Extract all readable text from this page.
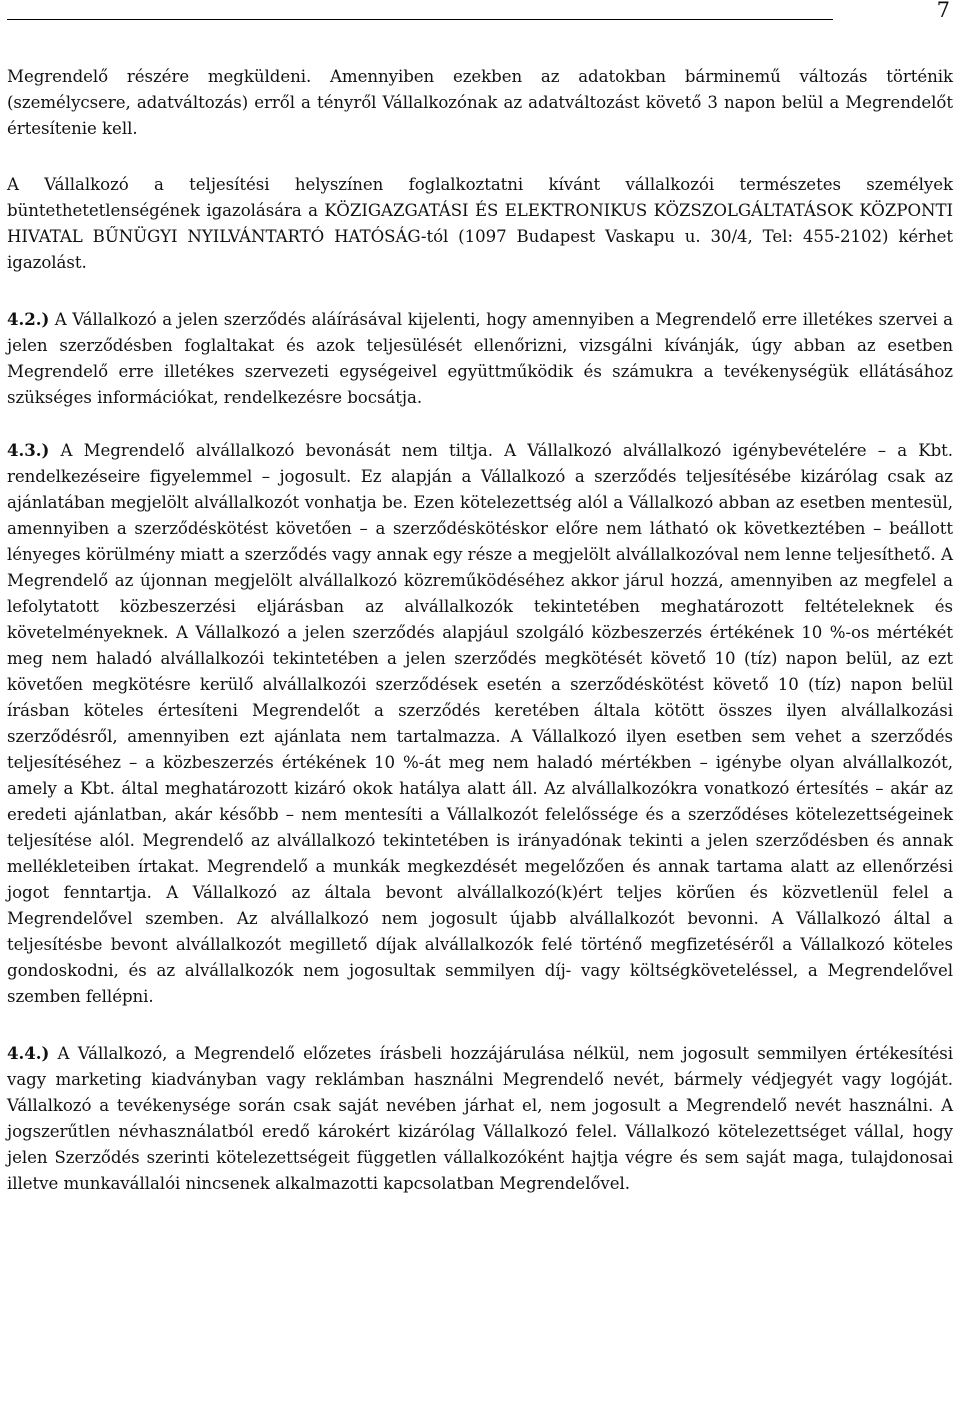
7

Megrendelő részére megküldeni. Amennyiben ezekben az adatokban bárminemű változás történik (személycsere, adatváltozás) erről a tényről Vállalkozónak az adatváltozást követő 3 napon belül a Megrendelőt értesítenie kell.

A Vállalkozó a teljesítési helyszínen foglalkoztatni kívánt vállalkozói természetes személyek büntethetetlenségének igazolására a KÖZIGAZGATÁSI ÉS ELEKTRONIKUS KÖZSZOLGÁLTATÁSOK KÖZPONTI HIVATAL BŰNÜGYI NYILVÁNTARTÓ HATÓSÁG-tól (1097 Budapest Vaskapu u. 30/4, Tel: 455-2102) kérhet igazolást.

4.2.) A Vállalkozó a jelen szerződés aláírásával kijelenti, hogy amennyiben a Megrendelő erre illetékes szervei a jelen szerződésben foglaltakat és azok teljesülését ellenőrizni, vizsgálni kívánják, úgy abban az esetben Megrendelő erre illetékes szervezeti egységeivel együttműködik és számukra a tevékenységük ellátásához szükséges információkat, rendelkezésre bocsátja.

4.3.) A Megrendelő alvállalkozó bevonását nem tiltja. A Vállalkozó alvállalkozó igénybevételére – a Kbt. rendelkezéseire figyelemmel – jogosult. Ez alapján a Vállalkozó a szerződés teljesítésébe kizárólag csak az ajánlatában megjelölt alvállalkozót vonhatja be. Ezen kötelezettség alól a Vállalkozó abban az esetben mentesül, amennyiben a szerződéskötést követően – a szerződéskötéskor előre nem látható ok következtében – beállott lényeges körülmény miatt a szerződés vagy annak egy része a megjelölt alvállalkozóval nem lenne teljesíthető. A Megrendelő az újonnan megjelölt alvállalkozó közreműködéséhez akkor járul hozzá, amennyiben az megfelel a lefolytatott közbeszerzési eljárásban az alvállalkozók tekintetében meghatározott feltételeknek és követelményeknek. A Vállalkozó a jelen szerződés alapjául szolgáló közbeszerzés értékének 10 %-os mértékét meg nem haladó alvállalkozói tekintetében a jelen szerződés megkötését követő 10 (tíz) napon belül, az ezt követően megkötésre kerülő alvállalkozói szerződések esetén a szerződéskötést követő 10 (tíz) napon belül írásban köteles értesíteni Megrendelőt a szerződés keretében általa kötött összes ilyen alvállalkozási szerződésről, amennyiben ezt ajánlata nem tartalmazza. A Vállalkozó ilyen esetben sem vehet a szerződés teljesítéséhez – a közbeszerzés értékének 10 %-át meg nem haladó mértékben – igénybe olyan alvállalkozót, amely a Kbt. által meghatározott kizáró okok hatálya alatt áll. Az alvállalkozókra vonatkozó értesítés – akár az eredeti ajánlatban, akár később – nem mentesíti a Vállalkozót felelőssége és a szerződéses kötelezettségeinek teljesítése alól. Megrendelő az alvállalkozó tekintetében is irányadónak tekinti a jelen szerződésben és annak mellékleteiben írtakat. Megrendelő a munkák megkezdését megelőzően és annak tartama alatt az ellenőrzési jogot fenntartja. A Vállalkozó az általa bevont alvállalkozó(k)ért teljes körűen és közvetlenül felel a Megrendelővel szemben. Az alvállalkozó nem jogosult újabb alvállalkozót bevonni. A Vállalkozó által a teljesítésbe bevont alvállalkozót megillető díjak alvállalkozók felé történő megfizetéséről a Vállalkozó köteles gondoskodni, és az alvállalkozók nem jogosultak semmilyen díj- vagy költségköveteléssel, a Megrendelővel szemben fellépni.

4.4.) A Vállalkozó, a Megrendelő előzetes írásbeli hozzájárulása nélkül, nem jogosult semmilyen értékesítési vagy marketing kiadványban vagy reklámban használni Megrendelő nevét, bármely védjegyét vagy logóját. Vállalkozó a tevékenysége során csak saját nevében járhat el, nem jogosult a Megrendelő nevét használni. A jogszerűtlen névhasználatból eredő károkért kizárólag Vállalkozó felel. Vállalkozó kötelezettséget vállal, hogy jelen Szerződés szerinti kötelezettségeit független vállalkozóként hajtja végre és sem saját maga, tulajdonosai illetve munkavállalói nincsenek alkalmazotti kapcsolatban Megrendelővel.
